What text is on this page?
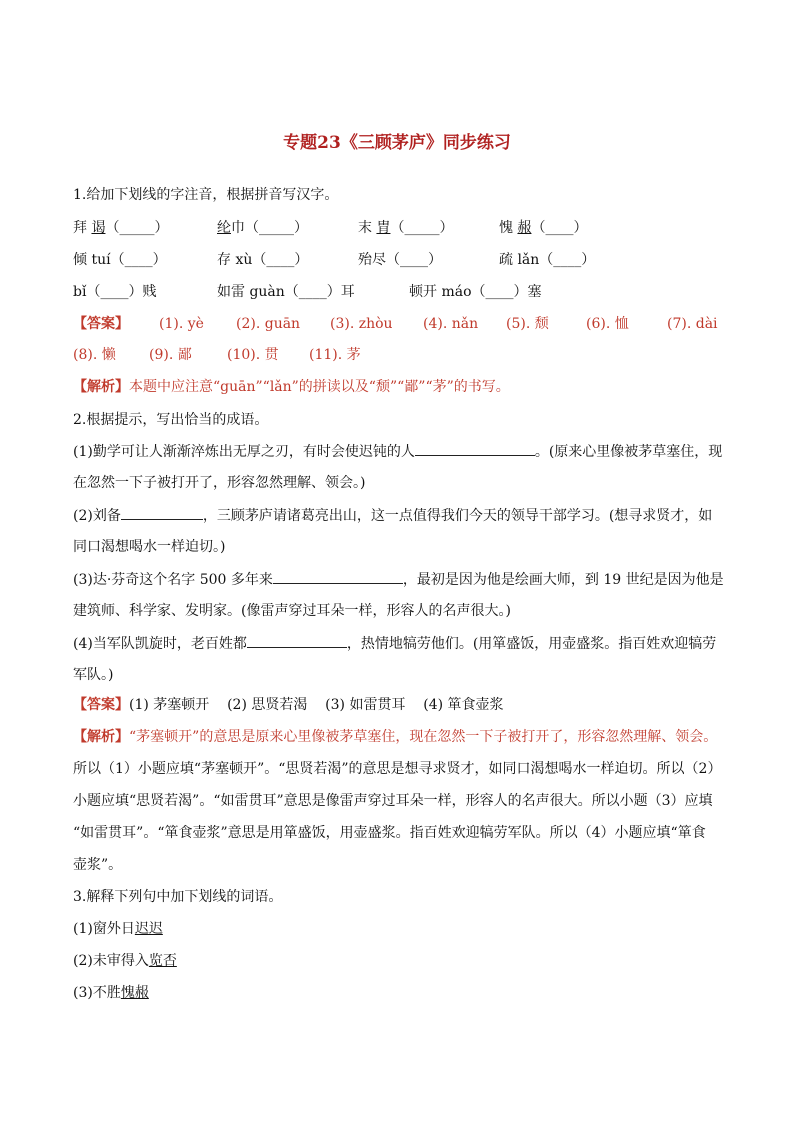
专题23《三顾茅庐》同步练习
1.给加下划线的字注音，根据拼音写汉字。
拜 谒（_____）	纶巾（_____）	末 胄（_____）	愧 赧（____）
倾 tuí（____）	存 xù（____）	殆尽（____）	疏 lǎn（____）
bǐ（____）贱	如雷 guàn（____）耳	顿开 máo（____）塞
【答案】 (1). yè (2). guān (3). zhòu (4). nǎn (5). 颓	(6). 恤	(7). dài
(8). 懒 (9). 鄙	(10). 贯 (11). 茅
【解析】本题中应注意“guān”“lǎn”的拼读以及“颓”“鄙”“茅”的书写。
2.根据提示，写出恰当的成语。
(1)勤学可让人渐渐淬炼出无厚之刃，有时会使迟钝的人	。(原来心里像被茅草塞住，现
在忽然一下子被打开了，形容忽然理解、领会。)
(2)刘备	，三顾茅庐请诸葛亮出山，这一点值得我们今天的领导干部学习。(想寻求贤才，如
同口渴想喝水一样迫切。)
(3)达·芬奇这个名字 500 多年来	，最初是因为他是绘画大师，到 19 世纪是因为他是
建筑师、科学家、发明家。(像雷声穿过耳朵一样，形容人的名声很大。)
(4)当军队凯旋时，老百姓都	，热情地犒劳他们。(用箪盛饭，用壶盛浆。指百姓欢迎犒劳
军队。)
【答案】(1) 茅塞顿开    (2) 思贤若渴    (3) 如雷贯耳    (4) 箪食壶浆
【解析】“茅塞顿开”的意思是原来心里像被茅草塞住，现在忽然一下子被打开了，形容忽然理解、领会。
所以（1）小题应填“茅塞顿开”。“思贤若渴”的意思是想寻求贤才，如同口渴想喝水一样迫切。所以（2）
小题应填“思贤若渴”。“如雷贯耳”意思是像雷声穿过耳朵一样，形容人的名声很大。所以小题（3）应填
“如雷贯耳”。“箪食壶浆”意思是用箪盛饭，用壶盛浆。指百姓欢迎犒劳军队。所以（4）小题应填“箪食
壶浆”。
3.解释下列句中加下划线的词语。
(1)窗外日迟迟
(2)未审得入览否
(3)不胜愧赧
